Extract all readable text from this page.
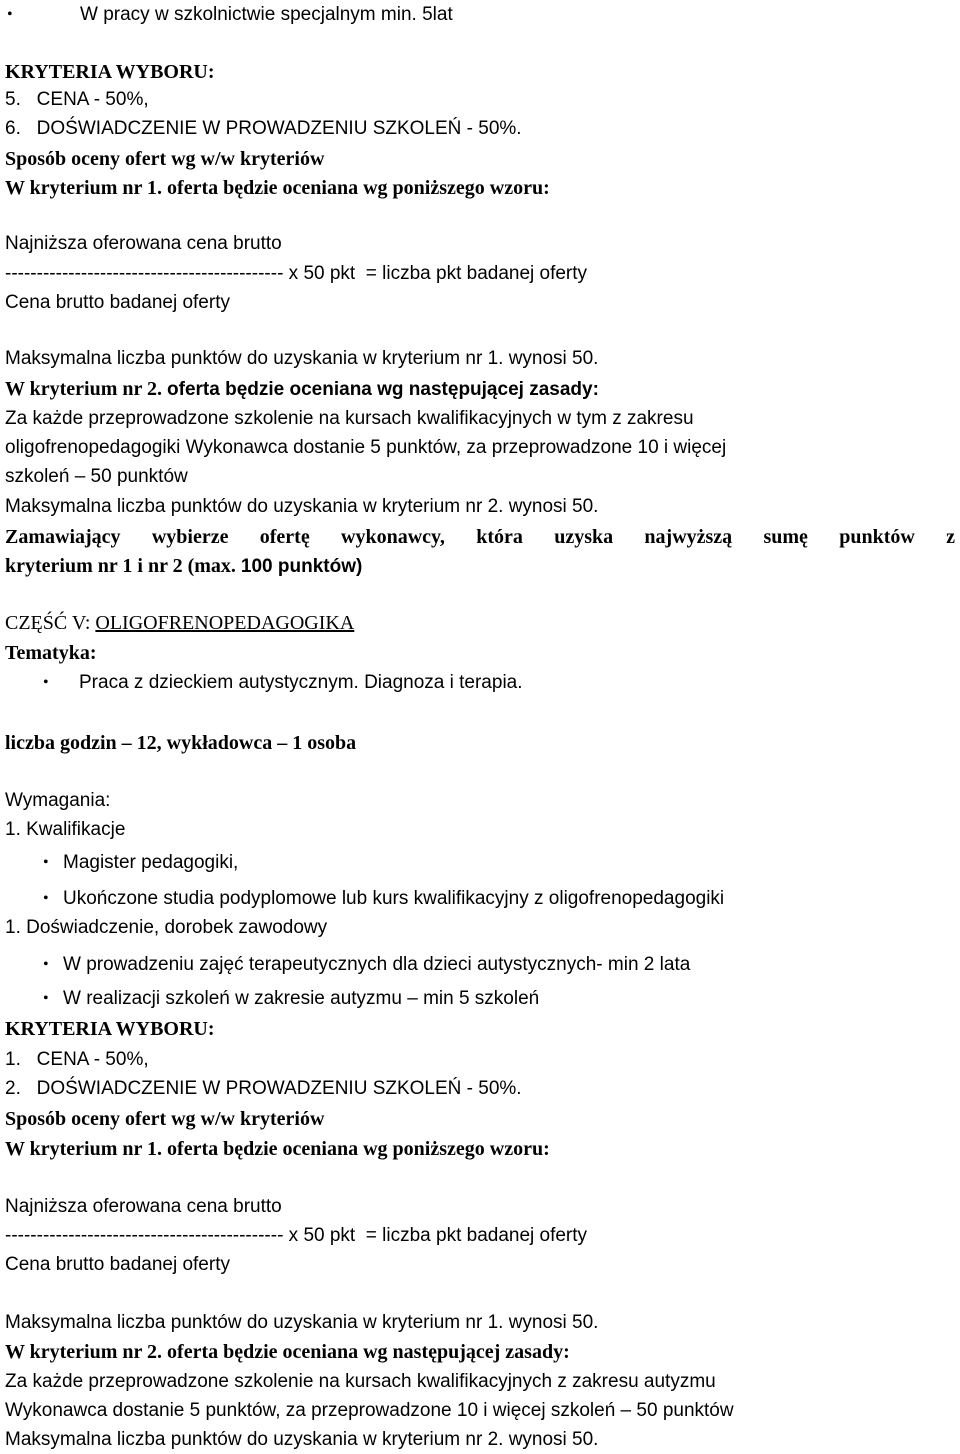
•	W pracy w szkolnictwie specjalnym min. 5lat

KRYTERIA WYBORU:

5.   CENA - 50%,

6.   DOŚWIADCZENIE W PROWADZENIU SZKOLEŃ - 50%.

Sposób oceny ofert wg w/w kryteriów

W kryterium nr 1. oferta będzie oceniana wg poniższego wzoru:

Najniższa oferowana cena brutto

-------------------------------------------- x 50 pkt  = liczba pkt badanej oferty

Cena brutto badanej oferty

Maksymalna liczba punktów do uzyskania w kryterium nr 1. wynosi 50.

W kryterium nr 2. oferta będzie oceniana wg następującej zasady:

Za każde przeprowadzone szkolenie na kursach kwalifikacyjnych w tym z zakresu

oligofrenopedagogiki Wykonawca dostanie 5 punktów, za przeprowadzone 10 i więcej

szkoleń – 50 punktów

Maksymalna liczba punktów do uzyskania w kryterium nr 2. wynosi 50.

Zamawiający wybierze ofertę wykonawcy, która uzyska najwyższą sumę punktów z

kryterium nr 1 i nr 2 (max. 100 punktów)

CZĘŚĆ V: OLIGOFRENOPEDAGOGIKA

Tematyka:

• Praca z dzieckiem autystycznym. Diagnoza i terapia.

liczba godzin – 12, wykładowca – 1 osoba

Wymagania:

1. Kwalifikacje

• Magister pedagogiki,

• Ukończone studia podyplomowe lub kurs kwalifikacyjny z oligofrenopedagogiki

1. Doświadczenie, dorobek zawodowy

• W prowadzeniu zajęć terapeutycznych dla dzieci autystycznych- min 2 lata

• W realizacji szkoleń w zakresie autyzmu – min 5 szkoleń

KRYTERIA WYBORU:

1.   CENA - 50%,

2.   DOŚWIADCZENIE W PROWADZENIU SZKOLEŃ - 50%.

Sposób oceny ofert wg w/w kryteriów

W kryterium nr 1. oferta będzie oceniana wg poniższego wzoru:

Najniższa oferowana cena brutto

-------------------------------------------- x 50 pkt  = liczba pkt badanej oferty

Cena brutto badanej oferty

Maksymalna liczba punktów do uzyskania w kryterium nr 1. wynosi 50.

W kryterium nr 2. oferta będzie oceniana wg następującej zasady:

Za każde przeprowadzone szkolenie na kursach kwalifikacyjnych z zakresu autyzmu

Wykonawca dostanie 5 punktów, za przeprowadzone 10 i więcej szkoleń – 50 punktów

Maksymalna liczba punktów do uzyskania w kryterium nr 2. wynosi 50.
